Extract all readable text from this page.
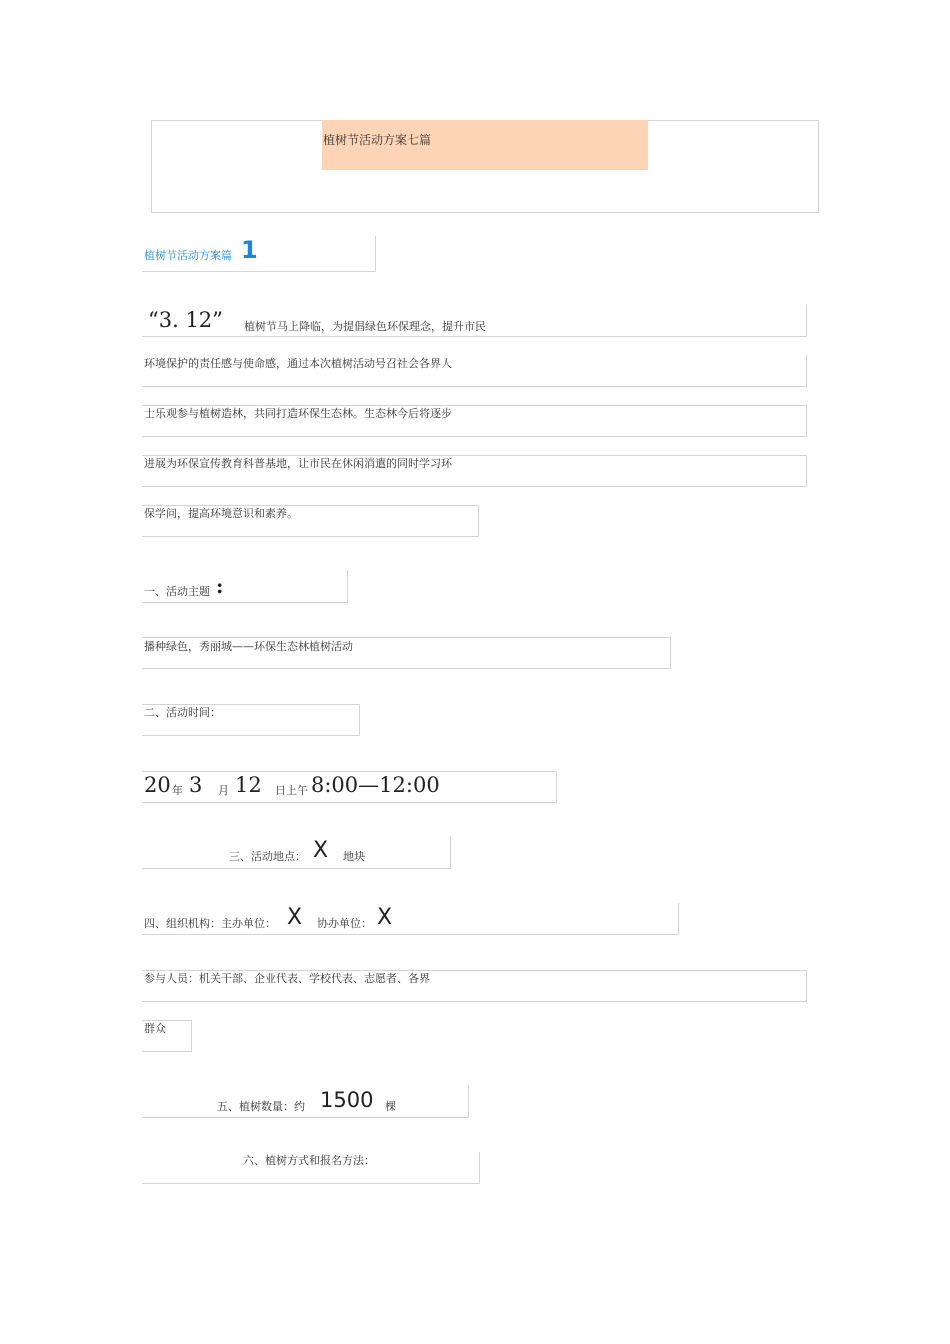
植树节活动方案七篇
植树节活动方案篇 1
“3. 12” 植树节马上降临，为提倡绿色环保理念，提升市民
环境保护的责任感与使命感，通过本次植树活动号召社会各界人
士乐观参与植树造林，共同打造环保生态林。生态林今后将逐步
进展为环保宣传教育科普基地，让市民在休闲消遣的同时学习环
保学问，提高环境意识和素养。
一、活动主题 :
播种绿色，秀丽城——环保生态林植树活动
二、活动时间：
20 年 3 月 12 日上午 8:00—12:00
三、活动地点： X 地块
四、组织机构：主办单位： X 协办单位： X
参与人员：机关干部、企业代表、学校代表、志愿者、各界
群众
五、植树数量：约 1500 棵
六、植树方式和报名方法：
